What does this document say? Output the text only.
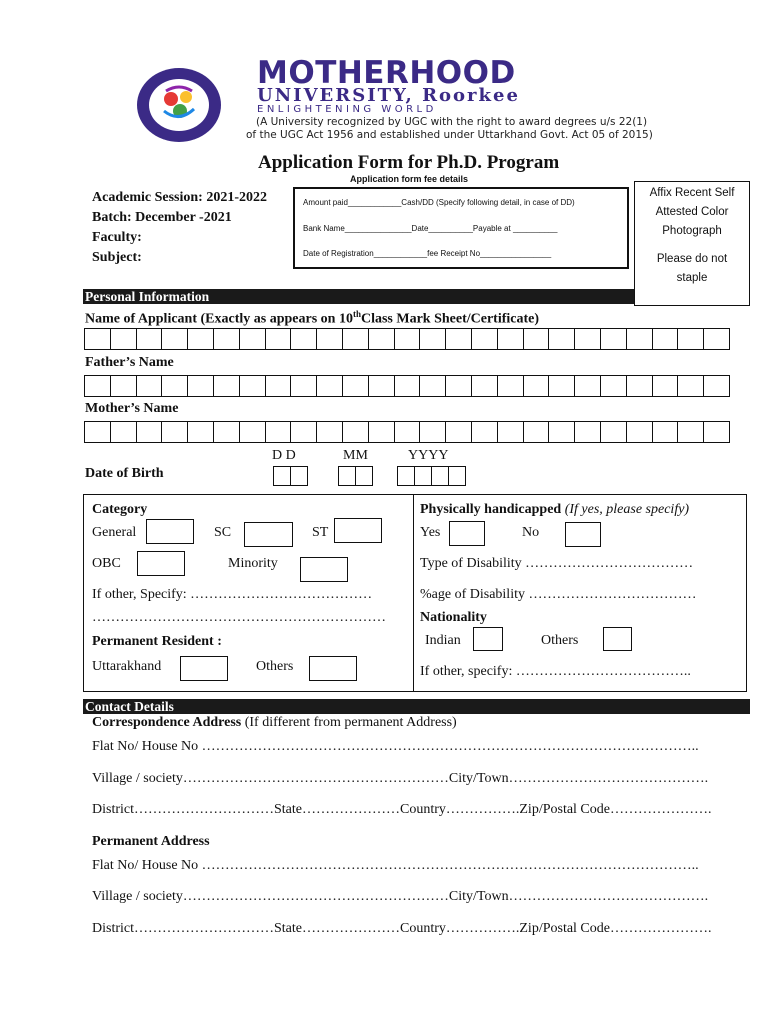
MOTHERHOOD
UNIVERSITY, Roorkee
ENLIGHTENING WORLD
(A University recognized by UGC with the right to award degrees u/s 22(1)
of the UGC Act 1956 and established under Uttarkhand Govt. Act 05 of 2015)
Application Form for Ph.D. Program
Application form fee details
Academic Session: 2021-2022
Batch: December -2021
Faculty:
Subject:
Amount paid____________Cash/DD (Specify following detail, in case of DD)
Bank Name_______________Date__________Payable at __________
Date of Registration____________fee Receipt No________________
Affix Recent Self
Attested Color
Photograph
Please do not
staple
Personal Information
Name of Applicant (Exactly as appears on 10thClass Mark Sheet/Certificate)
Father’s Name
Mother’s Name
D D	MM	YYYY
Date of Birth
Category
General	SC	ST
OBC	Minority
If other, Specify: …………………………………
………………………………………………………
Permanent Resident :
Uttarakhand	Others
Physically handicapped (If yes, please specify)
Yes	No
Type of Disability ………………………………
%age of Disability ………………………………
Nationality
Indian	Others
If other, specify: ………………………………..
Contact Details
Correspondence Address (If different from permanent Address)
Flat No/ House No ……………………………………………………………………………………………..
Village / society…………………………………………………City/Town…………………………………….
District…………………………State…………………Country…………….Zip/Postal Code………………….
Permanent Address
Flat No/ House No ……………………………………………………………………………………………..
Village / society…………………………………………………City/Town…………………………………….
District…………………………State…………………Country…………….Zip/Postal Code………………….
